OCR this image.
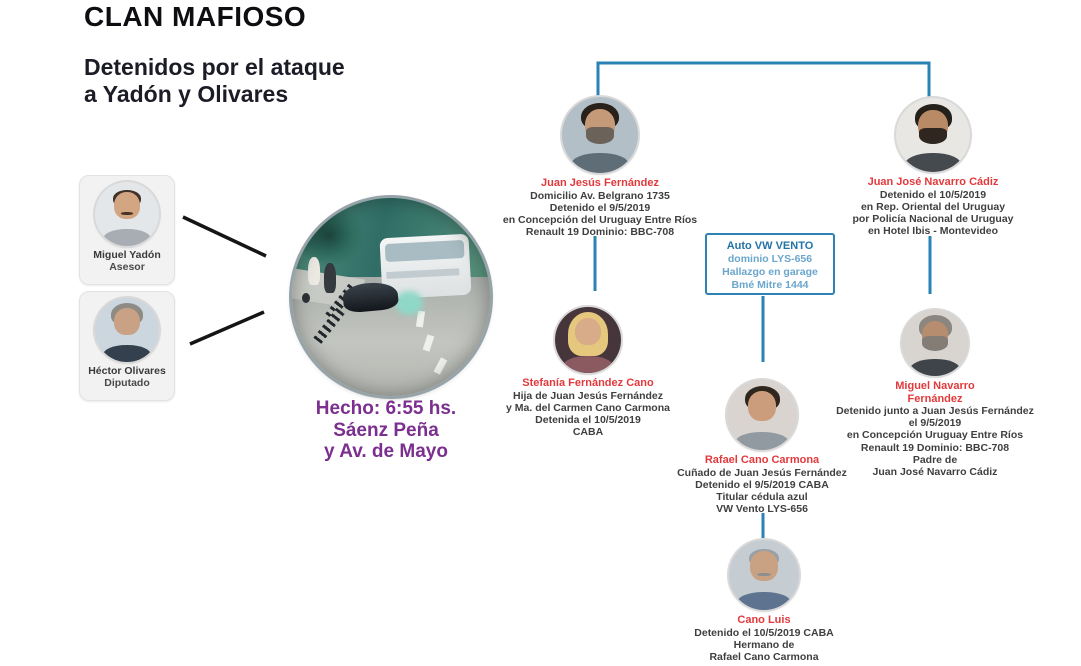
CLAN MAFIOSO
Detenidos por el ataque
a Yadón y Olivares
Miguel Yadón
Asesor
Héctor Olivares
Diputado
Hecho: 6:55 hs.
Sáenz Peña
y Av. de Mayo
Auto VW VENTO
dominio LYS-656
Hallazgo en garage
Bmé Mitre 1444
Juan Jesús Fernández
Domicilio Av. Belgrano 1735
Detenido el 9/5/2019
en Concepción del Uruguay Entre Ríos
Renault 19 Dominio: BBC-708
Juan José Navarro Cádiz
Detenido el 10/5/2019
en Rep. Oriental del Uruguay
por Policía Nacional de Uruguay
en Hotel Ibis - Montevideo
Stefanía Fernández Cano
Hija de Juan Jesús Fernández
y Ma. del Carmen Cano Carmona
Detenida el 10/5/2019
CABA
Rafael Cano Carmona
Cuñado de Juan Jesús Fernández
Detenido el 9/5/2019 CABA
Titular cédula azul
VW Vento LYS-656
Miguel Navarro Fernández
Detenido junto a Juan Jesús Fernández
el 9/5/2019
en Concepción Uruguay Entre Ríos
Renault 19 Dominio: BBC-708
Padre de
Juan José Navarro Cádiz
Cano Luis
Detenido el 10/5/2019 CABA
Hermano de
Rafael Cano Carmona
